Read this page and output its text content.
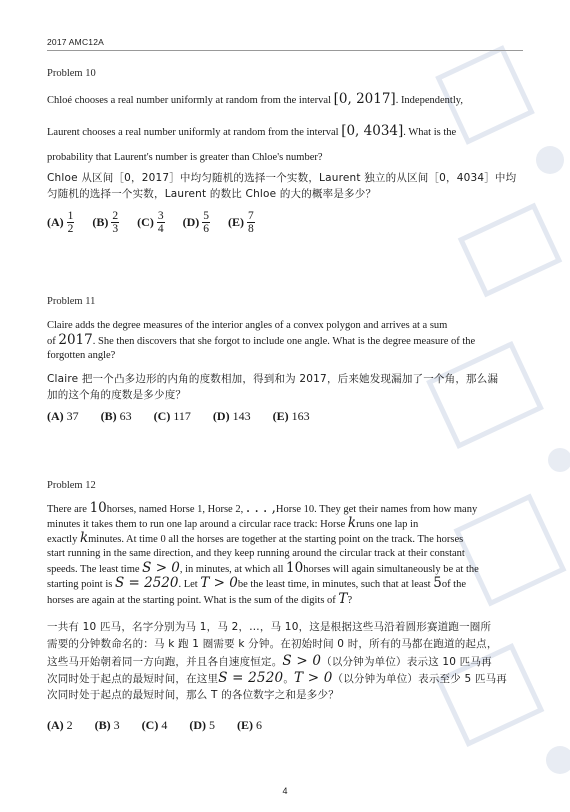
2017 AMC12A
Problem 10
Chloé chooses a real number uniformly at random from the interval [0, 2017]. Independently,
Laurent chooses a real number uniformly at random from the interval [0, 4034]. What is the
probability that Laurent's number is greater than Chloe's number?
Chloe 从区间［0，2017］中均匀随机的选择一个实数，Laurent 独立的从区间［0，4034］中均
匀随机的选择一个实数，Laurent 的数比 Chloe 的大的概率是多少？
$(A) \frac{1}{2} (B) \frac{2}{3} (C) \frac{3}{4} (D) \frac{5}{6} (E) \frac{7}{8}$
Problem 11
Claire adds the degree measures of the interior angles of a convex polygon and arrives at a sum
of 2017. She then discovers that she forgot to include one angle. What is the degree measure of the
forgotten angle?
Claire 把一个凸多边形的内角的度数相加，得到和为 2017，后来她发现漏加了一个角，那么漏
加的这个角的度数是多少度？
(A) 37 (B) 63 (C) 117 (D) 143 (E) 163
Problem 12
There are 10horses, named Horse 1, Horse 2, . . . ,Horse 10. They get their names from how many
minutes it takes them to run one lap around a circular race track: Horse kruns one lap in
exactly kminutes. At time 0 all the horses are together at the starting point on the track. The horses
start running in the same direction, and they keep running around the circular track at their constant
speeds. The least time S > 0, in minutes, at which all 10horses will again simultaneously be at the
starting point is S = 2520. Let T > 0be the least time, in minutes, such that at least 5of the
horses are again at the starting point. What is the sum of the digits of T?
一共有 10 匹马，名字分别为马 1，马 2，…，马 10，这是根据这些马沿着圆形赛道跑一圈所
需要的分钟数命名的：马 k 跑 1 圈需要 k 分钟。在初始时间 0 时，所有的马都在跑道的起点，
这些马开始朝着同一方向跑，并且各自速度恒定。S > 0（以分钟为单位）表示这 10 匹马再
次同时处于起点的最短时间，在这里S = 2520。T > 0（以分钟为单位）表示至少 5 匹马再
次同时处于起点的最短时间，那么 T 的各位数字之和是多少？
(A) 2 (B) 3 (C) 4 (D) 5 (E) 6
4
